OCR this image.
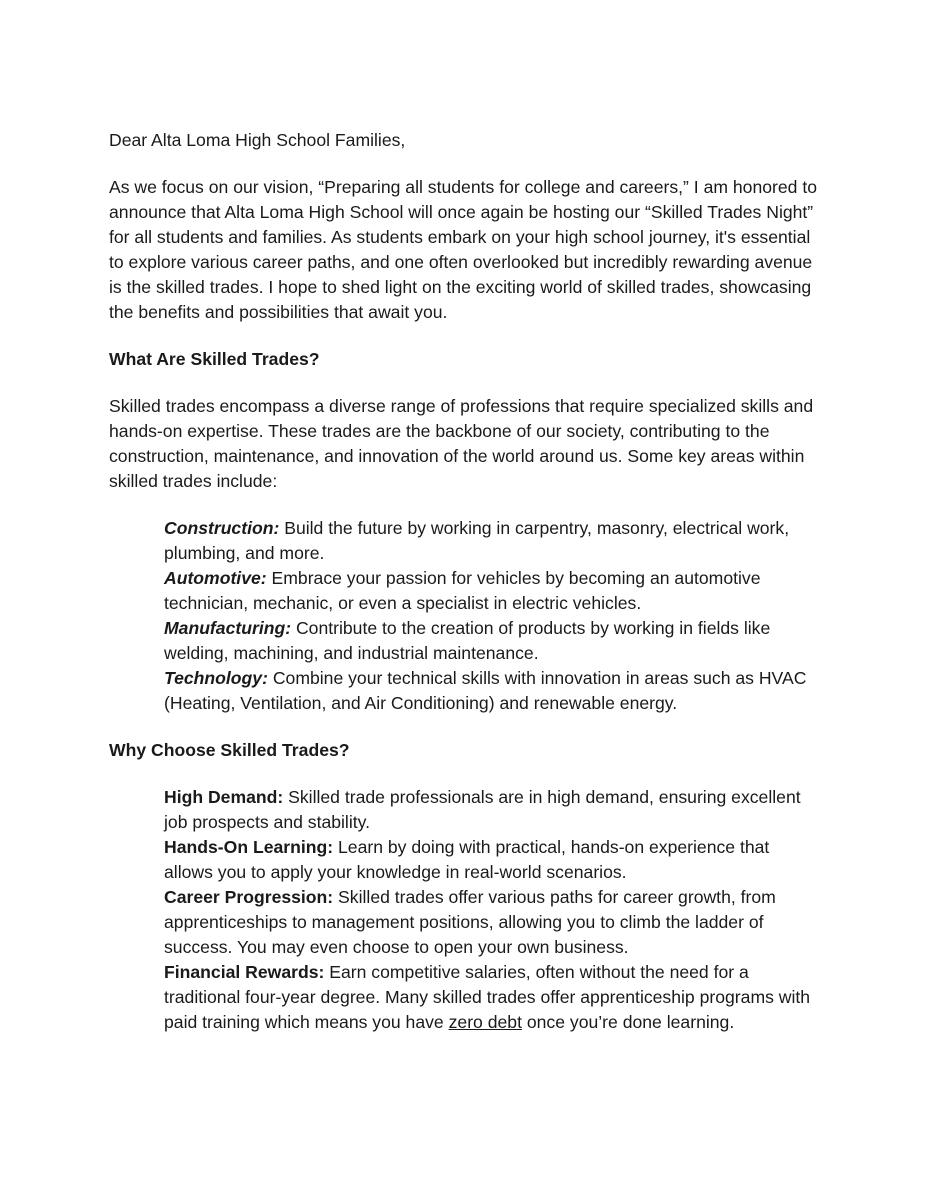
Dear Alta Loma High School Families,

As we focus on our vision, “Preparing all students for college and careers,” I am honored to announce that Alta Loma High School will once again be hosting our “Skilled Trades Night” for all students and families. As students embark on your high school journey, it's essential to explore various career paths, and one often overlooked but incredibly rewarding avenue is the skilled trades. I hope to shed light on the exciting world of skilled trades, showcasing the benefits and possibilities that await you.

What Are Skilled Trades?

Skilled trades encompass a diverse range of professions that require specialized skills and hands-on expertise. These trades are the backbone of our society, contributing to the construction, maintenance, and innovation of the world around us. Some key areas within skilled trades include:

Construction: Build the future by working in carpentry, masonry, electrical work, plumbing, and more.
Automotive: Embrace your passion for vehicles by becoming an automotive technician, mechanic, or even a specialist in electric vehicles.
Manufacturing: Contribute to the creation of products by working in fields like welding, machining, and industrial maintenance.
Technology: Combine your technical skills with innovation in areas such as HVAC (Heating, Ventilation, and Air Conditioning) and renewable energy.
Why Choose Skilled Trades?
High Demand: Skilled trade professionals are in high demand, ensuring excellent job prospects and stability.
Hands-On Learning: Learn by doing with practical, hands-on experience that allows you to apply your knowledge in real-world scenarios.
Career Progression: Skilled trades offer various paths for career growth, from apprenticeships to management positions, allowing you to climb the ladder of success. You may even choose to open your own business.
Financial Rewards: Earn competitive salaries, often without the need for a traditional four-year degree. Many skilled trades offer apprenticeship programs with paid training which means you have zero debt once you’re done learning.
